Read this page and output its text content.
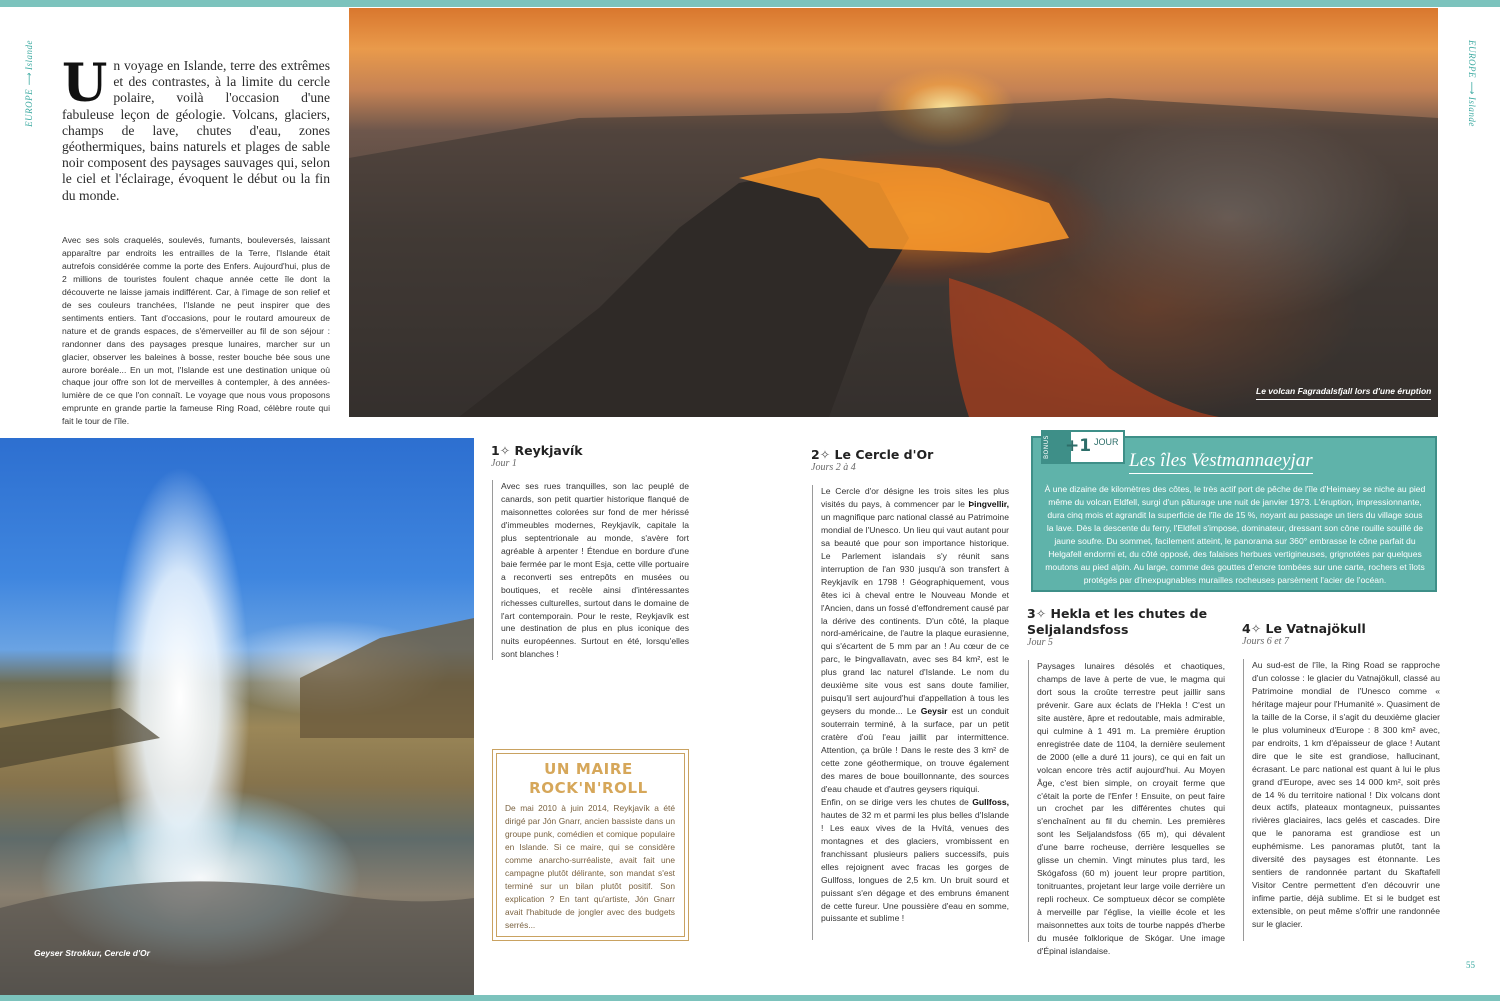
EUROPE ⟶ Islande	EUROPE ⟶ Islande
55
Un voyage en Islande, terre des extrêmes et des contrastes, à la limite du cercle polaire, voilà l'occasion d'une fabuleuse leçon de géologie. Volcans, glaciers, champs de lave, chutes d'eau, zones géothermiques, bains naturels et plages de sable noir composent des paysages sauvages qui, selon le ciel et l'éclairage, évoquent le début ou la fin du monde.
Avec ses sols craquelés, soulevés, fumants, bouleversés, laissant apparaître par endroits les entrailles de la Terre, l'Islande était autrefois considérée comme la porte des Enfers. Aujourd'hui, plus de 2 millions de touristes foulent chaque année cette île dont la découverte ne laisse jamais indifférent. Car, à l'image de son relief et de ses couleurs tranchées, l'Islande ne peut inspirer que des sentiments entiers. Tant d'occasions, pour le routard amoureux de nature et de grands espaces, de s'émerveiller au fil de son séjour : randonner dans des paysages presque lunaires, marcher sur un glacier, observer les baleines à bosse, rester bouche bée sous une aurore boréale... En un mot, l'Islande est une destination unique où chaque jour offre son lot de merveilles à contempler, à des années-lumière de ce que l'on connaît. Le voyage que nous vous proposons emprunte en grande partie la fameuse Ring Road, célèbre route qui fait le tour de l'île.
Le volcan Fagradalsfjall lors d'une éruption
Geyser Strokkur, Cercle d'Or
1✧ Reykjavík
Jour 1
Avec ses rues tranquilles, son lac peuplé de canards, son petit quartier historique flanqué de maisonnettes colorées sur fond de mer hérissé d'immeubles modernes, Reykjavík, capitale la plus septentrionale au monde, s'avère fort agréable à arpenter ! Étendue en bordure d'une baie fermée par le mont Esja, cette ville portuaire a reconverti ses entrepôts en musées ou boutiques, et recèle ainsi d'intéressantes richesses culturelles, surtout dans le domaine de l'art contemporain. Pour le reste, Reykjavík est une destination de plus en plus iconique des nuits européennes. Surtout en été, lorsqu'elles sont blanches !
UN MAIRE ROCK'N'ROLL
De mai 2010 à juin 2014, Reykjavík a été dirigé par Jón Gnarr, ancien bassiste dans un groupe punk, comédien et comique populaire en Islande. Si ce maire, qui se considère comme anarcho-surréaliste, avait fait une campagne plutôt délirante, son mandat s'est terminé sur un bilan plutôt positif. Son explication ? En tant qu'artiste, Jón Gnarr avait l'habitude de jongler avec des budgets serrés...
2✧ Le Cercle d'Or
Jours 2 à 4
Le Cercle d'or désigne les trois sites les plus visités du pays, à commencer par le Þingvellir, un magnifique parc national classé au Patrimoine mondial de l'Unesco. Un lieu qui vaut autant pour sa beauté que pour son importance historique. Le Parlement islandais s'y réunit sans interruption de l'an 930 jusqu'à son transfert à Reykjavík en 1798 ! Géographiquement, vous êtes ici à cheval entre le Nouveau Monde et l'Ancien, dans un fossé d'effondrement causé par la dérive des continents. D'un côté, la plaque nord-américaine, de l'autre la plaque eurasienne, qui s'écartent de 5 mm par an ! Au cœur de ce parc, le Þingvallavatn, avec ses 84 km², est le plus grand lac naturel d'Islande. Le nom du deuxième site vous est sans doute familier, puisqu'il sert aujourd'hui d'appellation à tous les geysers du monde... Le Geysir est un conduit souterrain terminé, à la surface, par un petit cratère d'où l'eau jaillit par intermittence. Attention, ça brûle ! Dans le reste des 3 km² de cette zone géothermique, on trouve également des mares de boue bouillonnante, des sources d'eau chaude et d'autres geysers riquiqui.
Enfin, on se dirige vers les chutes de Gullfoss, hautes de 32 m et parmi les plus belles d'Islande ! Les eaux vives de la Hvítá, venues des montagnes et des glaciers, vrombissent en franchissant plusieurs paliers successifs, puis elles rejoignent avec fracas les gorges de Gullfoss, longues de 2,5 km. Un bruit sourd et puissant s'en dégage et des embruns émanent de cette fureur. Une poussière d'eau en somme, puissante et sublime !
BONUS +1 JOUR
Les îles Vestmannaeyjar
À une dizaine de kilomètres des côtes, le très actif port de pêche de l'île d'Heimaey se niche au pied même du volcan Eldfell, surgi d'un pâturage une nuit de janvier 1973. L'éruption, impressionnante, dura cinq mois et agrandit la superficie de l'île de 15 %, noyant au passage un tiers du village sous la lave. Dès la descente du ferry, l'Eldfell s'impose, dominateur, dressant son cône rouille souillé de jaune soufre. Du sommet, facilement atteint, le panorama sur 360° embrasse le cône parfait du Helgafell endormi et, du côté opposé, des falaises herbues vertigineuses, grignotées par quelques moutons au pied alpin. Au large, comme des gouttes d'encre tombées sur une carte, rochers et îlots protégés par d'inexpugnables murailles rocheuses parsèment l'acier de l'océan.
3✧ Hekla et les chutes de Seljalandsfoss
Jour 5
Paysages lunaires désolés et chaotiques, champs de lave à perte de vue, le magma qui dort sous la croûte terrestre peut jaillir sans prévenir. Gare aux éclats de l'Hekla ! C'est un site austère, âpre et redoutable, mais admirable, qui culmine à 1 491 m. La première éruption enregistrée date de 1104, la dernière seulement de 2000 (elle a duré 11 jours), ce qui en fait un volcan encore très actif aujourd'hui. Au Moyen Âge, c'est bien simple, on croyait ferme que c'était la porte de l'Enfer ! Ensuite, on peut faire un crochet par les différentes chutes qui s'enchaînent au fil du chemin. Les premières sont les Seljalandsfoss (65 m), qui dévalent d'une barre rocheuse, derrière lesquelles se glisse un chemin. Vingt minutes plus tard, les Skógafoss (60 m) jouent leur propre partition, tonitruantes, projetant leur large voile derrière un repli rocheux. Ce somptueux décor se complète à merveille par l'église, la vieille école et les maisonnettes aux toits de tourbe nappés d'herbe du musée folklorique de Skógar. Une image d'Épinal islandaise.
4✧ Le Vatnajökull
Jours 6 et 7
Au sud-est de l'île, la Ring Road se rapproche d'un colosse : le glacier du Vatnajökull, classé au Patrimoine mondial de l'Unesco comme « héritage majeur pour l'Humanité ». Quasiment de la taille de la Corse, il s'agit du deuxième glacier le plus volumineux d'Europe : 8 300 km² avec, par endroits, 1 km d'épaisseur de glace ! Autant dire que le site est grandiose, hallucinant, écrasant. Le parc national est quant à lui le plus grand d'Europe, avec ses 14 000 km², soit près de 14 % du territoire national ! Dix volcans dont deux actifs, plateaux montagneux, puissantes rivières glaciaires, lacs gelés et cascades. Dire que le panorama est grandiose est un euphémisme. Les panoramas plutôt, tant la diversité des paysages est étonnante. Les sentiers de randonnée partant du Skaftafell Visitor Centre permettent d'en découvrir une infime partie, déjà sublime. Et si le budget est extensible, on peut même s'offrir une randonnée sur le glacier.
